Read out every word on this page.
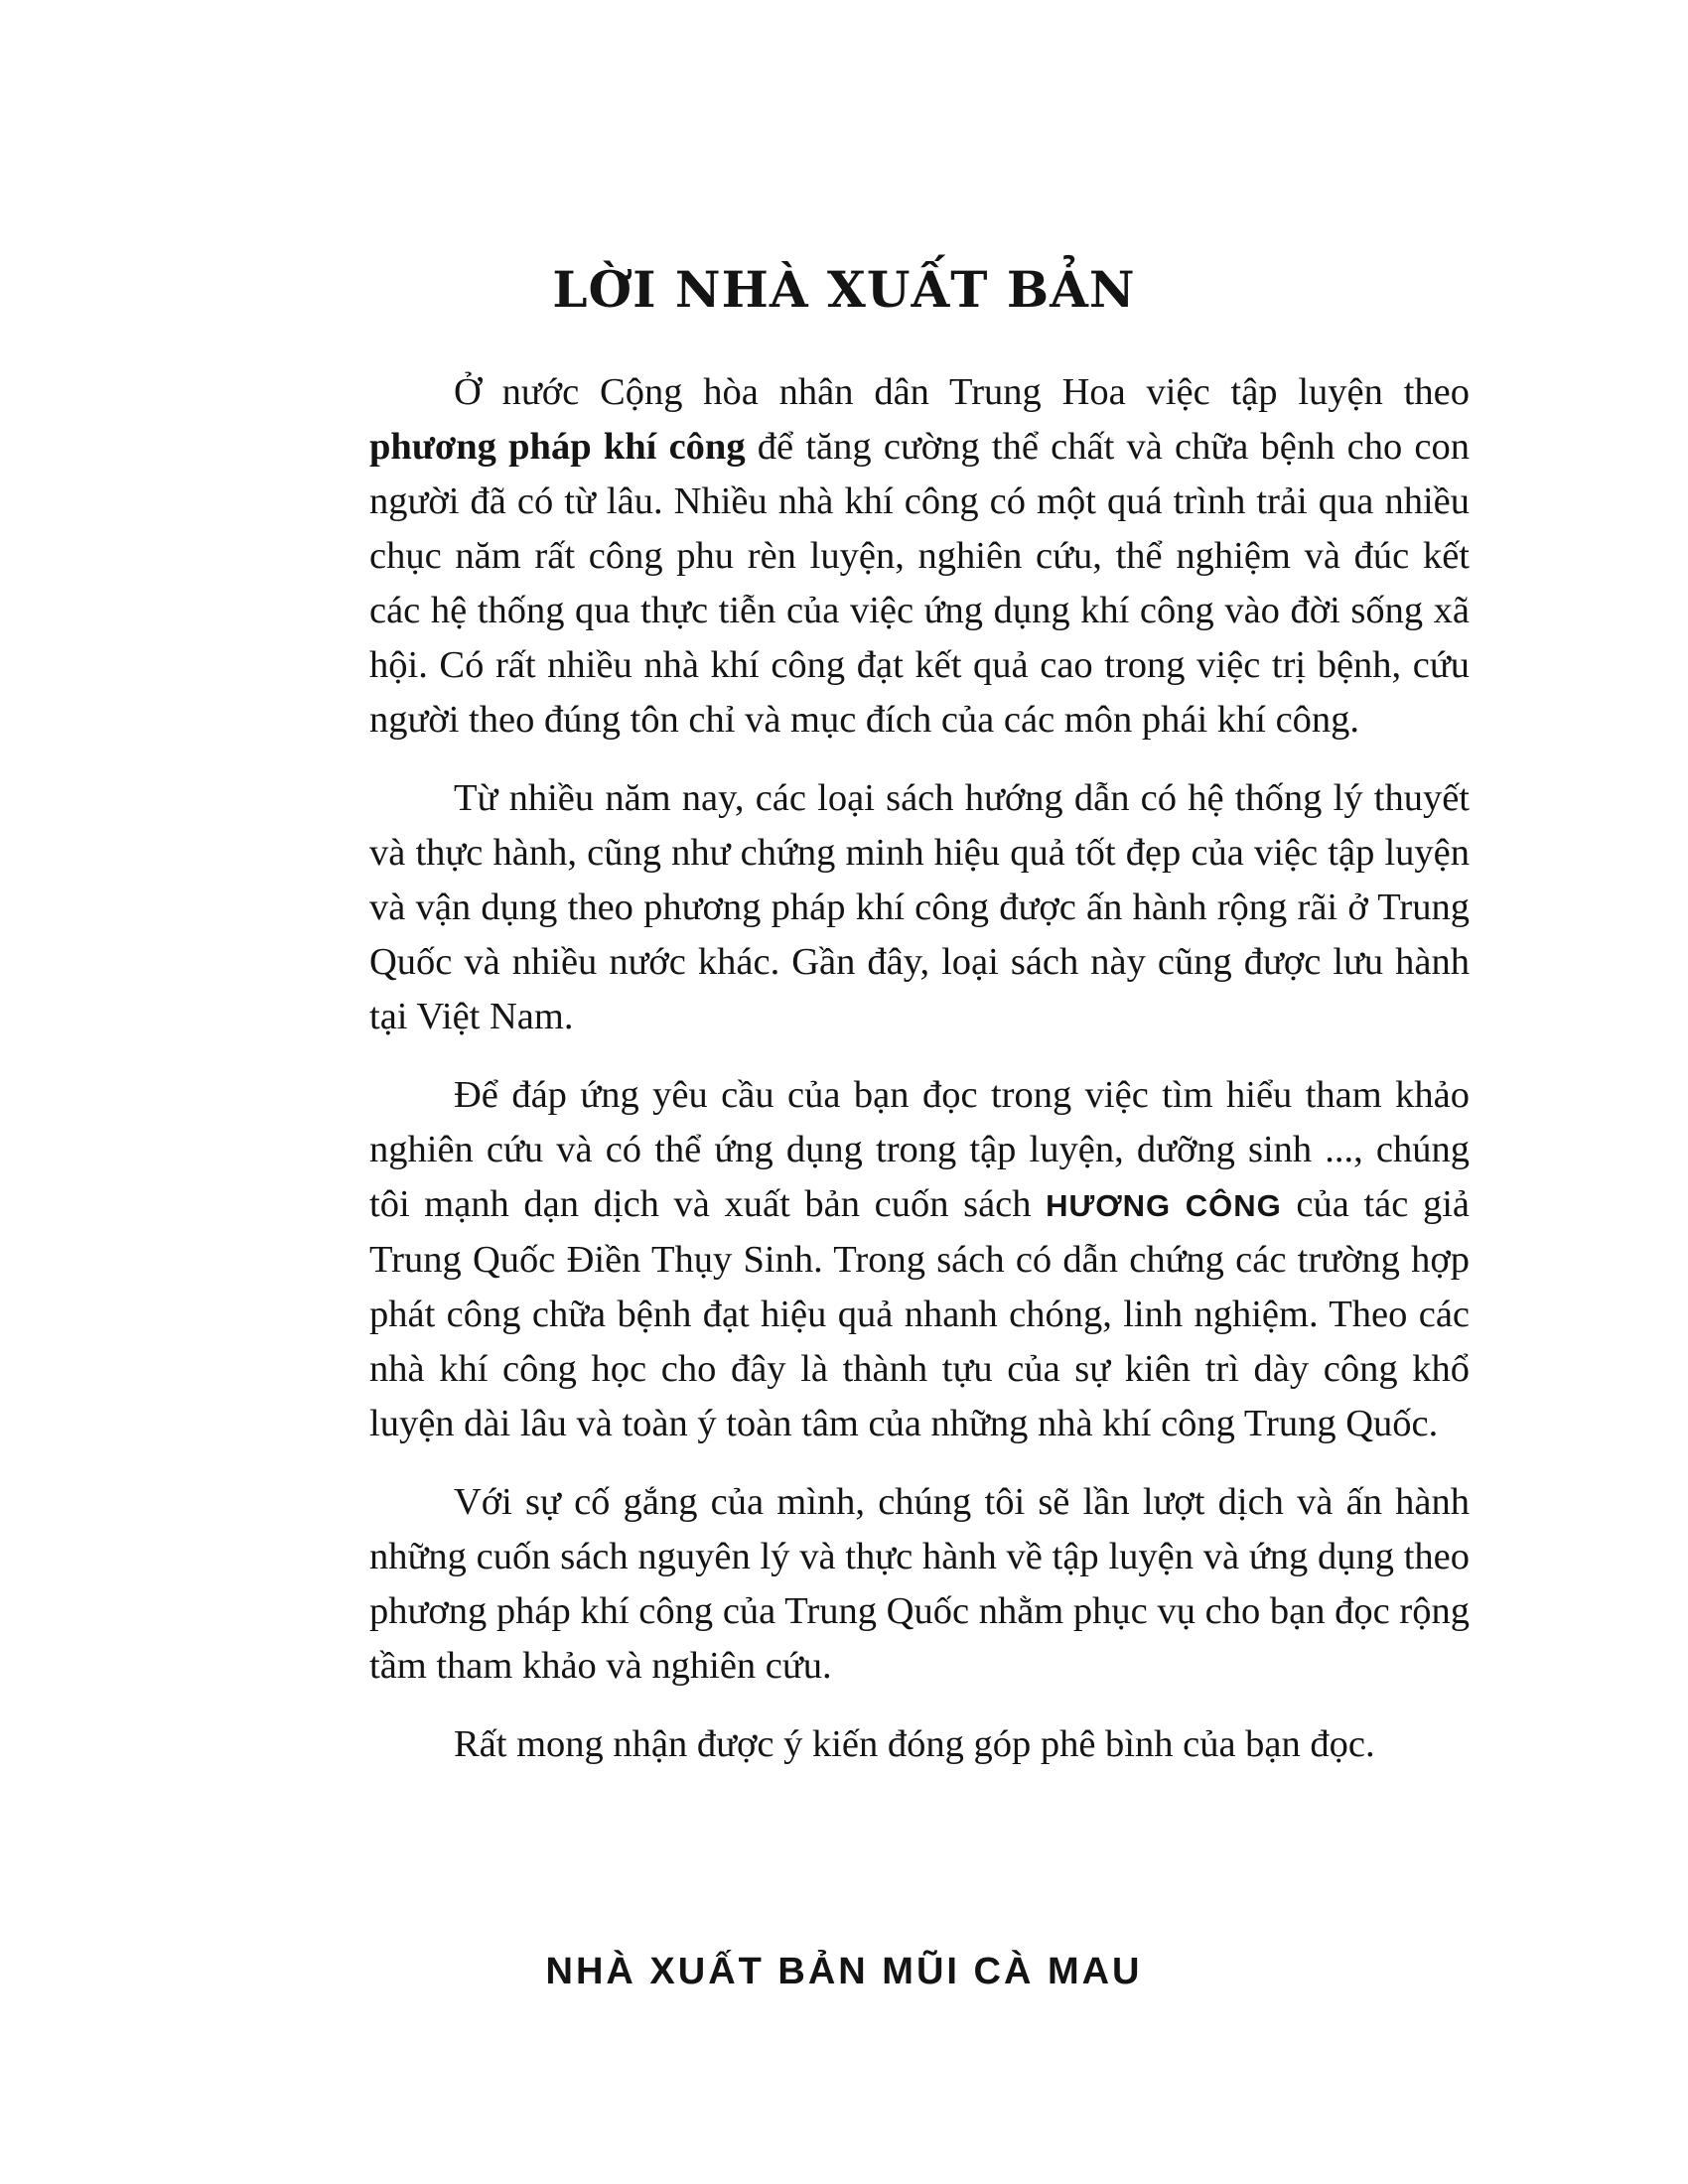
LỜI NHÀ XUẤT BẢN

Ở nước Cộng hòa nhân dân Trung Hoa việc tập luyện theo phương pháp khí công để tăng cường thể chất và chữa bệnh cho con người đã có từ lâu. Nhiều nhà khí công có một quá trình trải qua nhiều chục năm rất công phu rèn luyện, nghiên cứu, thể nghiệm và đúc kết các hệ thống qua thực tiễn của việc ứng dụng khí công vào đời sống xã hội. Có rất nhiều nhà khí công đạt kết quả cao trong việc trị bệnh, cứu người theo đúng tôn chỉ và mục đích của các môn phái khí công.

Từ nhiều năm nay, các loại sách hướng dẫn có hệ thống lý thuyết và thực hành, cũng như chứng minh hiệu quả tốt đẹp của việc tập luyện và vận dụng theo phương pháp khí công được ấn hành rộng rãi ở Trung Quốc và nhiều nước khác. Gần đây, loại sách này cũng được lưu hành tại Việt Nam.

Để đáp ứng yêu cầu của bạn đọc trong việc tìm hiểu tham khảo nghiên cứu và có thể ứng dụng trong tập luyện, dưỡng sinh ..., chúng tôi mạnh dạn dịch và xuất bản cuốn sách HƯƠNG CÔNG của tác giả Trung Quốc Điền Thụy Sinh. Trong sách có dẫn chứng các trường hợp phát công chữa bệnh đạt hiệu quả nhanh chóng, linh nghiệm. Theo các nhà khí công học cho đây là thành tựu của sự kiên trì dày công khổ luyện dài lâu và toàn ý toàn tâm của những nhà khí công Trung Quốc.

Với sự cố gắng của mình, chúng tôi sẽ lần lượt dịch và ấn hành những cuốn sách nguyên lý và thực hành về tập luyện và ứng dụng theo phương pháp khí công của Trung Quốc nhằm phục vụ cho bạn đọc rộng tầm tham khảo và nghiên cứu.

Rất mong nhận được ý kiến đóng góp phê bình của bạn đọc.

NHÀ XUẤT BẢN MŨI CÀ MAU
